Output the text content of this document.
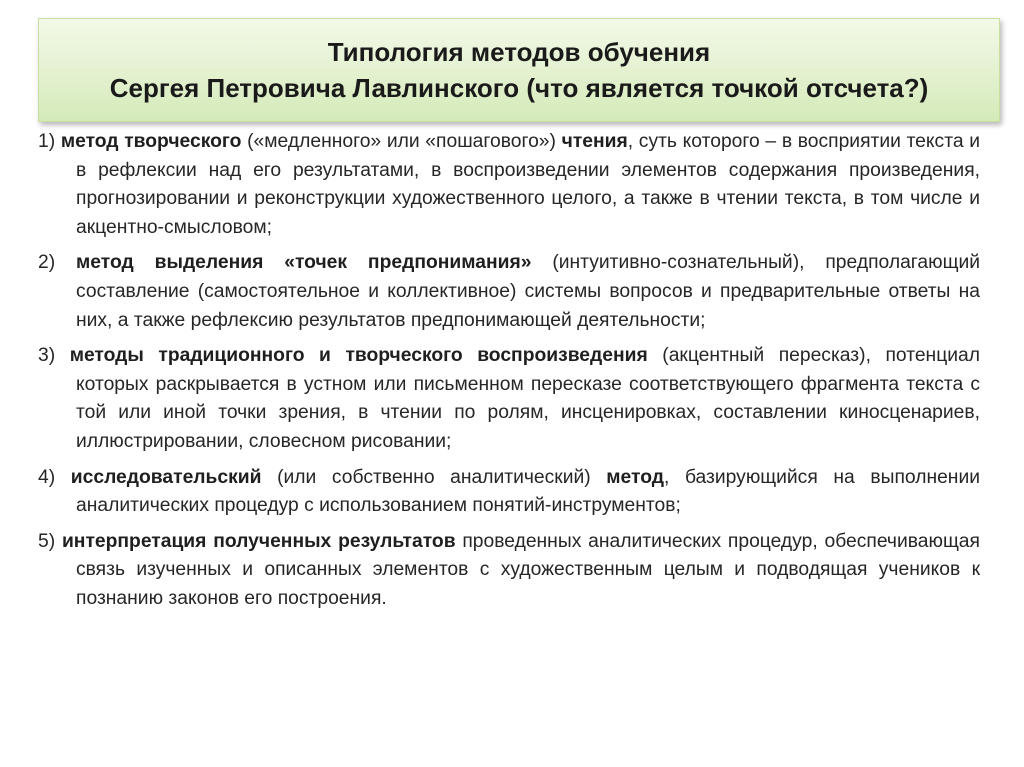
Типология методов обучения
Сергея Петровича Лавлинского (что является точкой отсчета?)
1) метод творческого («медленного» или «пошагового») чтения, суть которого – в восприятии текста и в рефлексии над его результатами, в воспроизведении элементов содержания произведения, прогнозировании и реконструкции художественного целого, а также в чтении текста, в том числе и акцентно-смысловом;
2) метод выделения «точек предпонимания» (интуитивно-сознательный), предполагающий составление (самостоятельное и коллективное) системы вопросов и предварительные ответы на них, а также рефлексию результатов предпонимающей деятельности;
3) методы традиционного и творческого воспроизведения (акцентный пересказ), потенциал которых раскрывается в устном или письменном пересказе соответствующего фрагмента текста с той или иной точки зрения, в чтении по ролям, инсценировках, составлении киносценариев, иллюстрировании, словесном рисовании;
4) исследовательский (или собственно аналитический) метод, базирующийся на выполнении аналитических процедур с использованием понятий-инструментов;
5) интерпретация полученных результатов проведенных аналитических процедур, обеспечивающая связь изученных и описанных элементов с художественным целым и подводящая учеников к познанию законов его построения.
